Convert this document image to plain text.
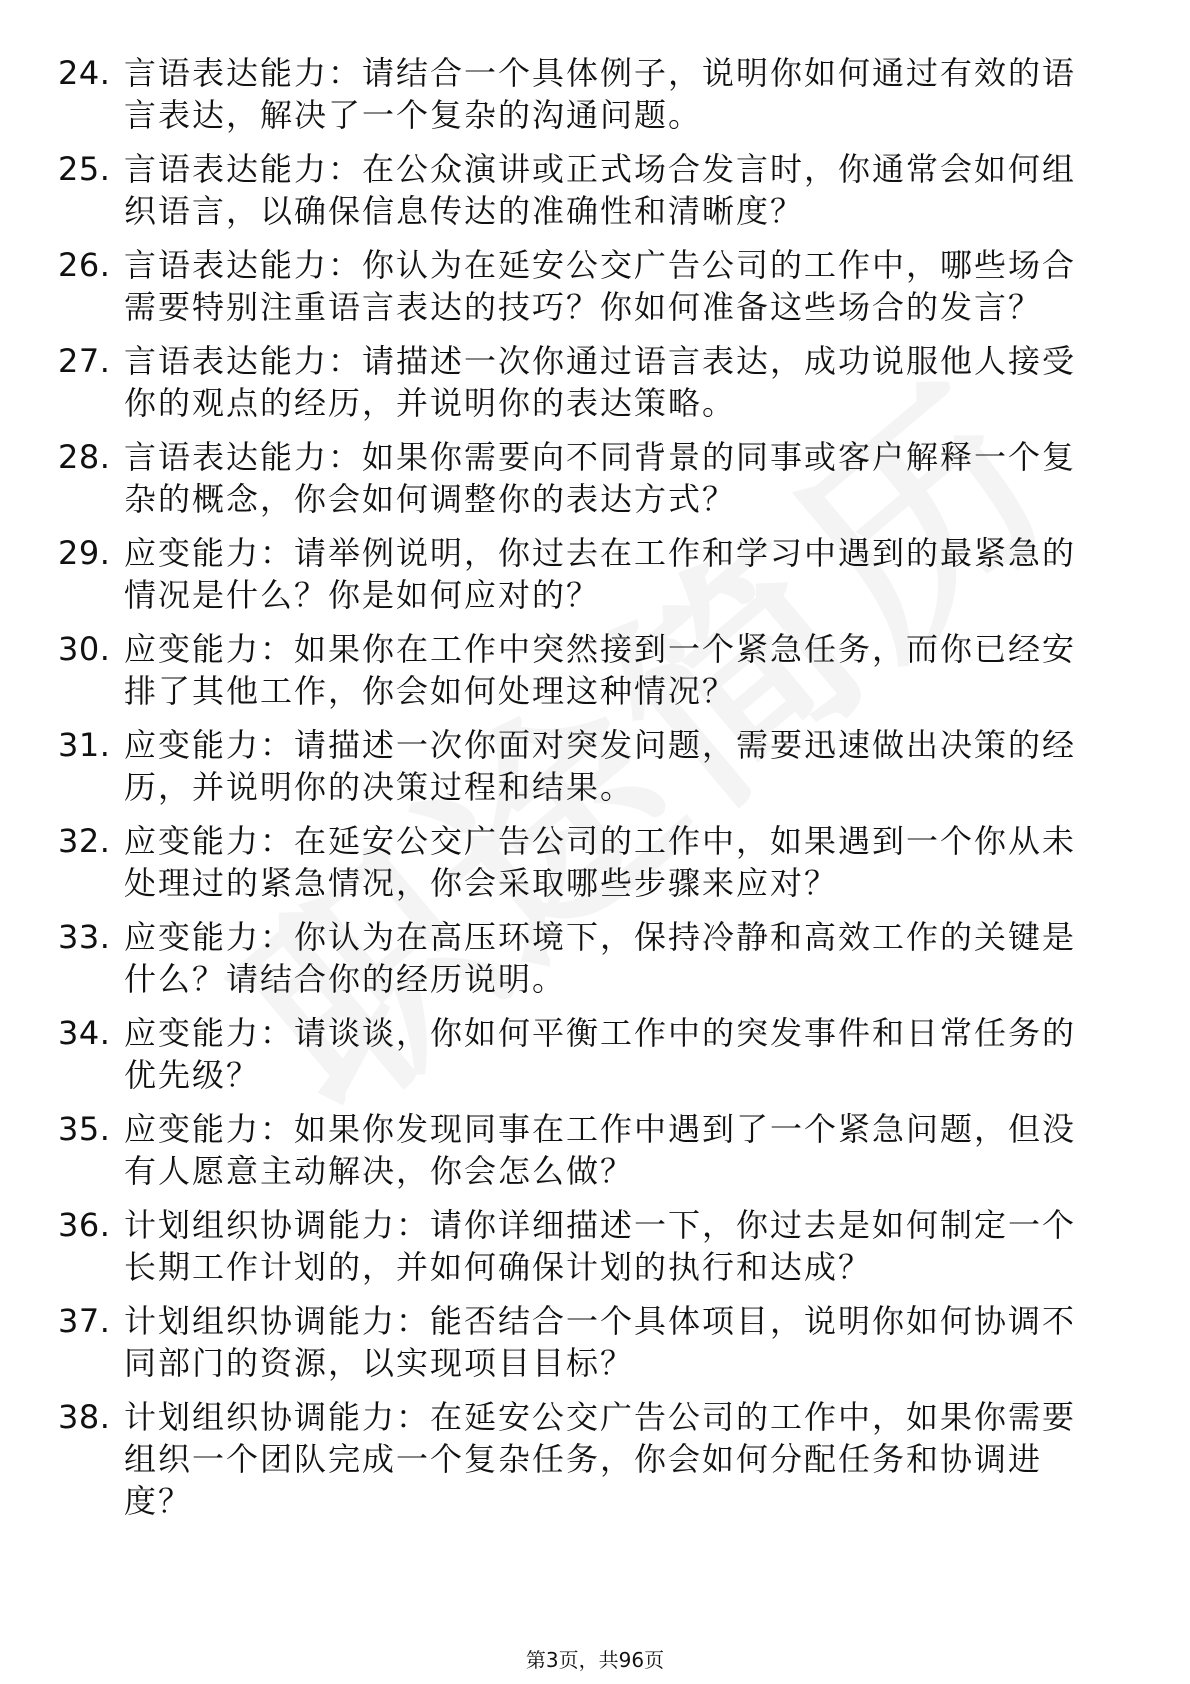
24. 言语表达能力：请结合一个具体例子，说明你如何通过有效的语言表达，解决了一个复杂的沟通问题。
25. 言语表达能力：在公众演讲或正式场合发言时，你通常会如何组织语言，以确保信息传达的准确性和清晰度？
26. 言语表达能力：你认为在延安公交广告公司的工作中，哪些场合需要特别注重语言表达的技巧？你如何准备这些场合的发言？
27. 言语表达能力：请描述一次你通过语言表达，成功说服他人接受你的观点的经历，并说明你的表达策略。
28. 言语表达能力：如果你需要向不同背景的同事或客户解释一个复杂的概念，你会如何调整你的表达方式？
29. 应变能力：请举例说明，你过去在工作和学习中遇到的最紧急的情况是什么？你是如何应对的？
30. 应变能力：如果你在工作中突然接到一个紧急任务，而你已经安排了其他工作，你会如何处理这种情况？
31. 应变能力：请描述一次你面对突发问题，需要迅速做出决策的经历，并说明你的决策过程和结果。
32. 应变能力：在延安公交广告公司的工作中，如果遇到一个你从未处理过的紧急情况，你会采取哪些步骤来应对？
33. 应变能力：你认为在高压环境下，保持冷静和高效工作的关键是什么？请结合你的经历说明。
34. 应变能力：请谈谈，你如何平衡工作中的突发事件和日常任务的优先级？
35. 应变能力：如果你发现同事在工作中遇到了一个紧急问题，但没有人愿意主动解决，你会怎么做？
36. 计划组织协调能力：请你详细描述一下，你过去是如何制定一个长期工作计划的，并如何确保计划的执行和达成？
37. 计划组织协调能力：能否结合一个具体项目，说明你如何协调不同部门的资源，以实现项目目标？
38. 计划组织协调能力：在延安公交广告公司的工作中，如果你需要组织一个团队完成一个复杂任务，你会如何分配任务和协调进度？
第3页，共96页
